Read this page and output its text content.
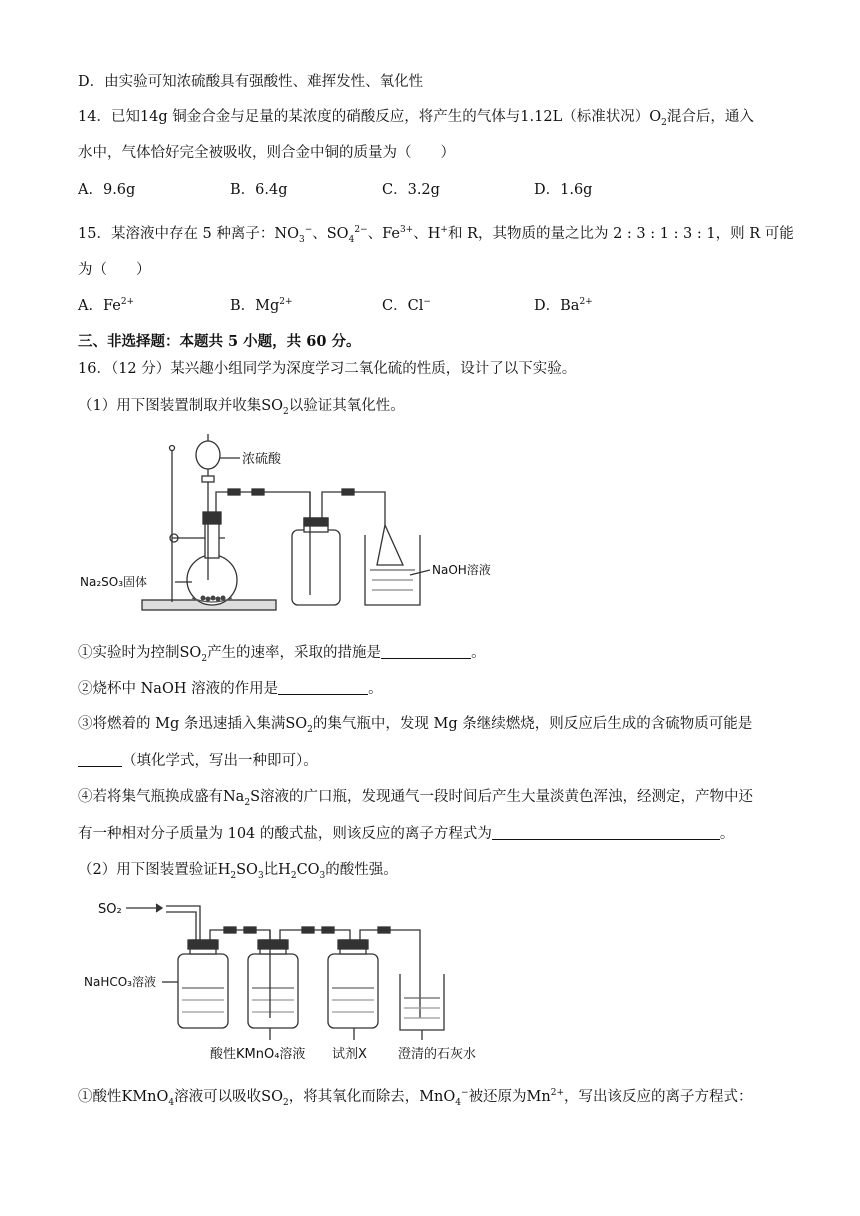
D．由实验可知浓硫酸具有强酸性、难挥发性、氧化性
14．已知14g 铜金合金与足量的某浓度的硝酸反应，将产生的气体与1.12L（标准状况）$O_2$混合后，通入
水中，气体恰好完全被吸收，则合金中铜的质量为（　　）
A．9.6g	B．6.4g	C．3.2g	D．1.6g
15．某溶液中存在 5 种离子：$NO_3^-$、$SO_4^{2-}$、$Fe^{3+}$、H+和 R，其物质的量之比为 2 : 3 : 1 : 3 : 1，则 R 可能
为（　　）
A．$Fe^{2+}$	B．$Mg^{2+}$	C．Cl−	D．$Ba^{2+}$
三、非选择题：本题共 5 小题，共 60 分。
16．（12 分）某兴趣小组同学为深度学习二氧化硫的性质，设计了以下实验。
（1）用下图装置制取并收集$SO_2$以验证其氧化性。
浓硫酸
Na₂SO₃固体
NaOH溶液
①实验时为控制$SO_2$产生的速率，采取的措施是	。
②烧杯中 NaOH 溶液的作用是	。
③将燃着的 Mg 条迅速插入集满$SO_2$的集气瓶中，发现 Mg 条继续燃烧，则反应后生成的含硫物质可能是
（填化学式，写出一种即可）。
④若将集气瓶换成盛有$Na_2S$溶液的广口瓶，发现通气一段时间后产生大量淡黄色浑浊，经测定，产物中还
有一种相对分子质量为 104 的酸式盐，则该反应的离子方程式为	。
（2）用下图装置验证$H_2SO_3$比$H_2CO_3$的酸性强。
SO₂
NaHCO₃溶液
酸性KMnO₄溶液 试剂X 澄清的石灰水
①酸性KMnO$_4$溶液可以吸收$SO_2$，将其氧化而除去，MnO$_4$−被还原为$Mn^{2+}$，写出该反应的离子方程式：
